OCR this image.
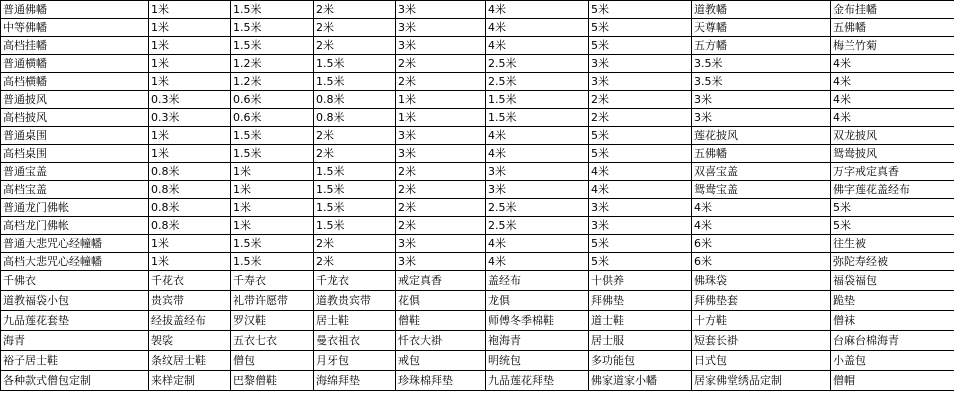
普通佛幡	1米	1.5米	2米	3米	4米	5米	道教幡	金布挂幡
中等佛幡	1米	1.5米	2米	3米	4米	5米	天尊幡	五佛幡
高档挂幡	1米	1.5米	2米	3米	4米	5米	五方幡	梅兰竹菊
普通横幡	1米	1.2米	1.5米	2米	2.5米	3米	3.5米	4米
高档横幡	1米	1.2米	1.5米	2米	2.5米	3米	3.5米	4米
普通披风	0.3米	0.6米	0.8米	1米	1.5米	2米	3米	4米
高档披风	0.3米	0.6米	0.8米	1米	1.5米	2米	3米	4米
普通桌围	1米	1.5米	2米	3米	4米	5米	莲花披风	双龙披风
高档桌围	1米	1.5米	2米	3米	4米	5米	五佛幡	鸳鸯披风
普通宝盖	0.8米	1米	1.5米	2米	3米	4米	双喜宝盖	万字戒定真香
高档宝盖	0.8米	1米	1.5米	2米	3米	4米	鸳鸯宝盖	佛字莲花盖经布
普通龙门佛帐	0.8米	1米	1.5米	2米	2.5米	3米	4米	5米
高档龙门佛帐	0.8米	1米	1.5米	2米	2.5米	3米	4米	5米
普通大悲咒心经幢幡	1米	1.5米	2米	3米	4米	5米	6米	往生被
高档大悲咒心经幢幡	1米	1.5米	2米	3米	4米	5米	6米	弥陀寿经被
千佛衣	千花衣	千寿衣	千龙衣	戒定真香	盖经布	十供养	佛珠袋	福袋福包
道教福袋小包	贵宾带	礼带许愿带	道教贵宾带	花俱	龙俱	拜佛垫	拜佛垫套	跪垫
九品莲花套垫	经拔盖经布	罗汉鞋	居士鞋	僧鞋	师傅冬季棉鞋	道士鞋	十方鞋	僧袜
海青	袈裟	五衣七衣	曼衣祖衣	忏衣大褂	袍海青	居士服	短套长褂	台麻台棉海青
裕子居士鞋	条纹居士鞋	僧包	月牙包	戒包	明统包	多功能包	日式包	小盖包
各种款式僧包定制	来样定制	巴黎僧鞋	海绵拜垫	珍珠棉拜垫	九品莲花拜垫	佛家道家小幡	居家佛堂绣品定制	僧帽
